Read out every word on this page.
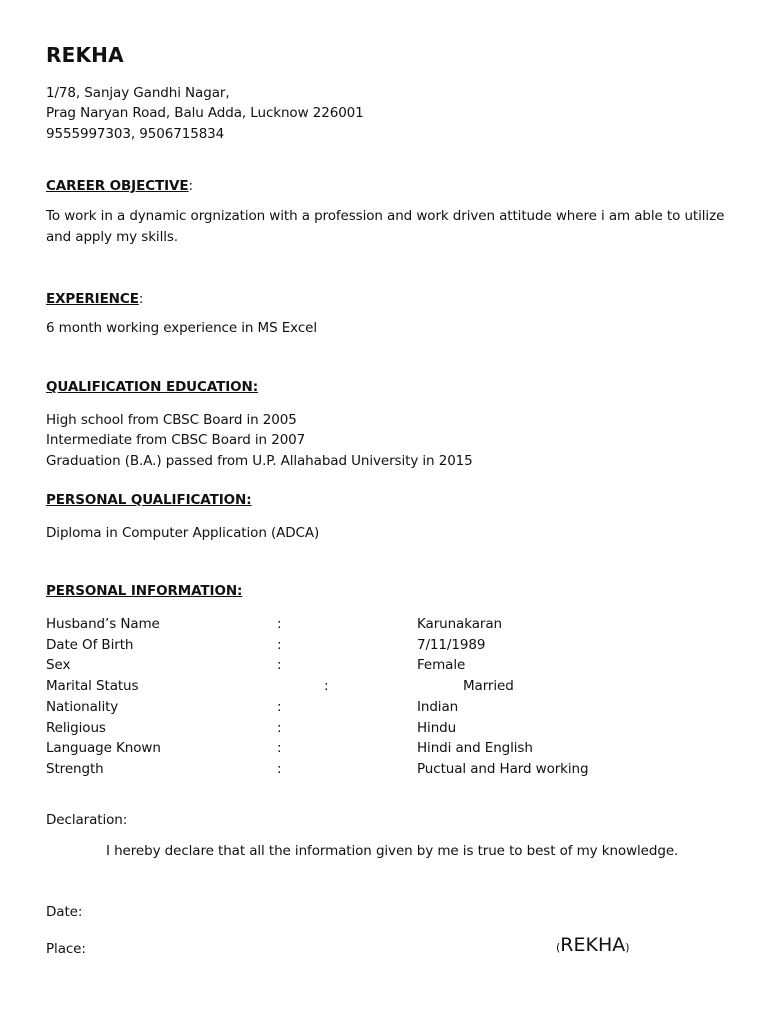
REKHA
1/78, Sanjay Gandhi Nagar,
Prag Naryan Road, Balu Adda, Lucknow 226001
9555997303, 9506715834
CAREER OBJECTIVE:
To work in a dynamic orgnization with a profession and work driven attitude where i am able to utilize and apply my skills.
EXPERIENCE:
6 month working experience in MS Excel
QUALIFICATION EDUCATION:
High school from CBSC Board in 2005
Intermediate from CBSC Board in 2007
Graduation (B.A.) passed from U.P. Allahabad University in 2015
PERSONAL QUALIFICATION:
Diploma in Computer Application (ADCA)
PERSONAL INFORMATION:
Husband’s Name	:	Karunakaran
Date Of Birth	:	7/11/1989
Sex	:	Female
Marital Status	:	Married
Nationality	:	Indian
Religious	:	Hindu
Language Known	:	Hindi and English
Strength	:	Puctual and Hard working
Declaration:
I hereby declare that all the information given by me is true to best of my knowledge.
Date:
Place:	(REKHA)
